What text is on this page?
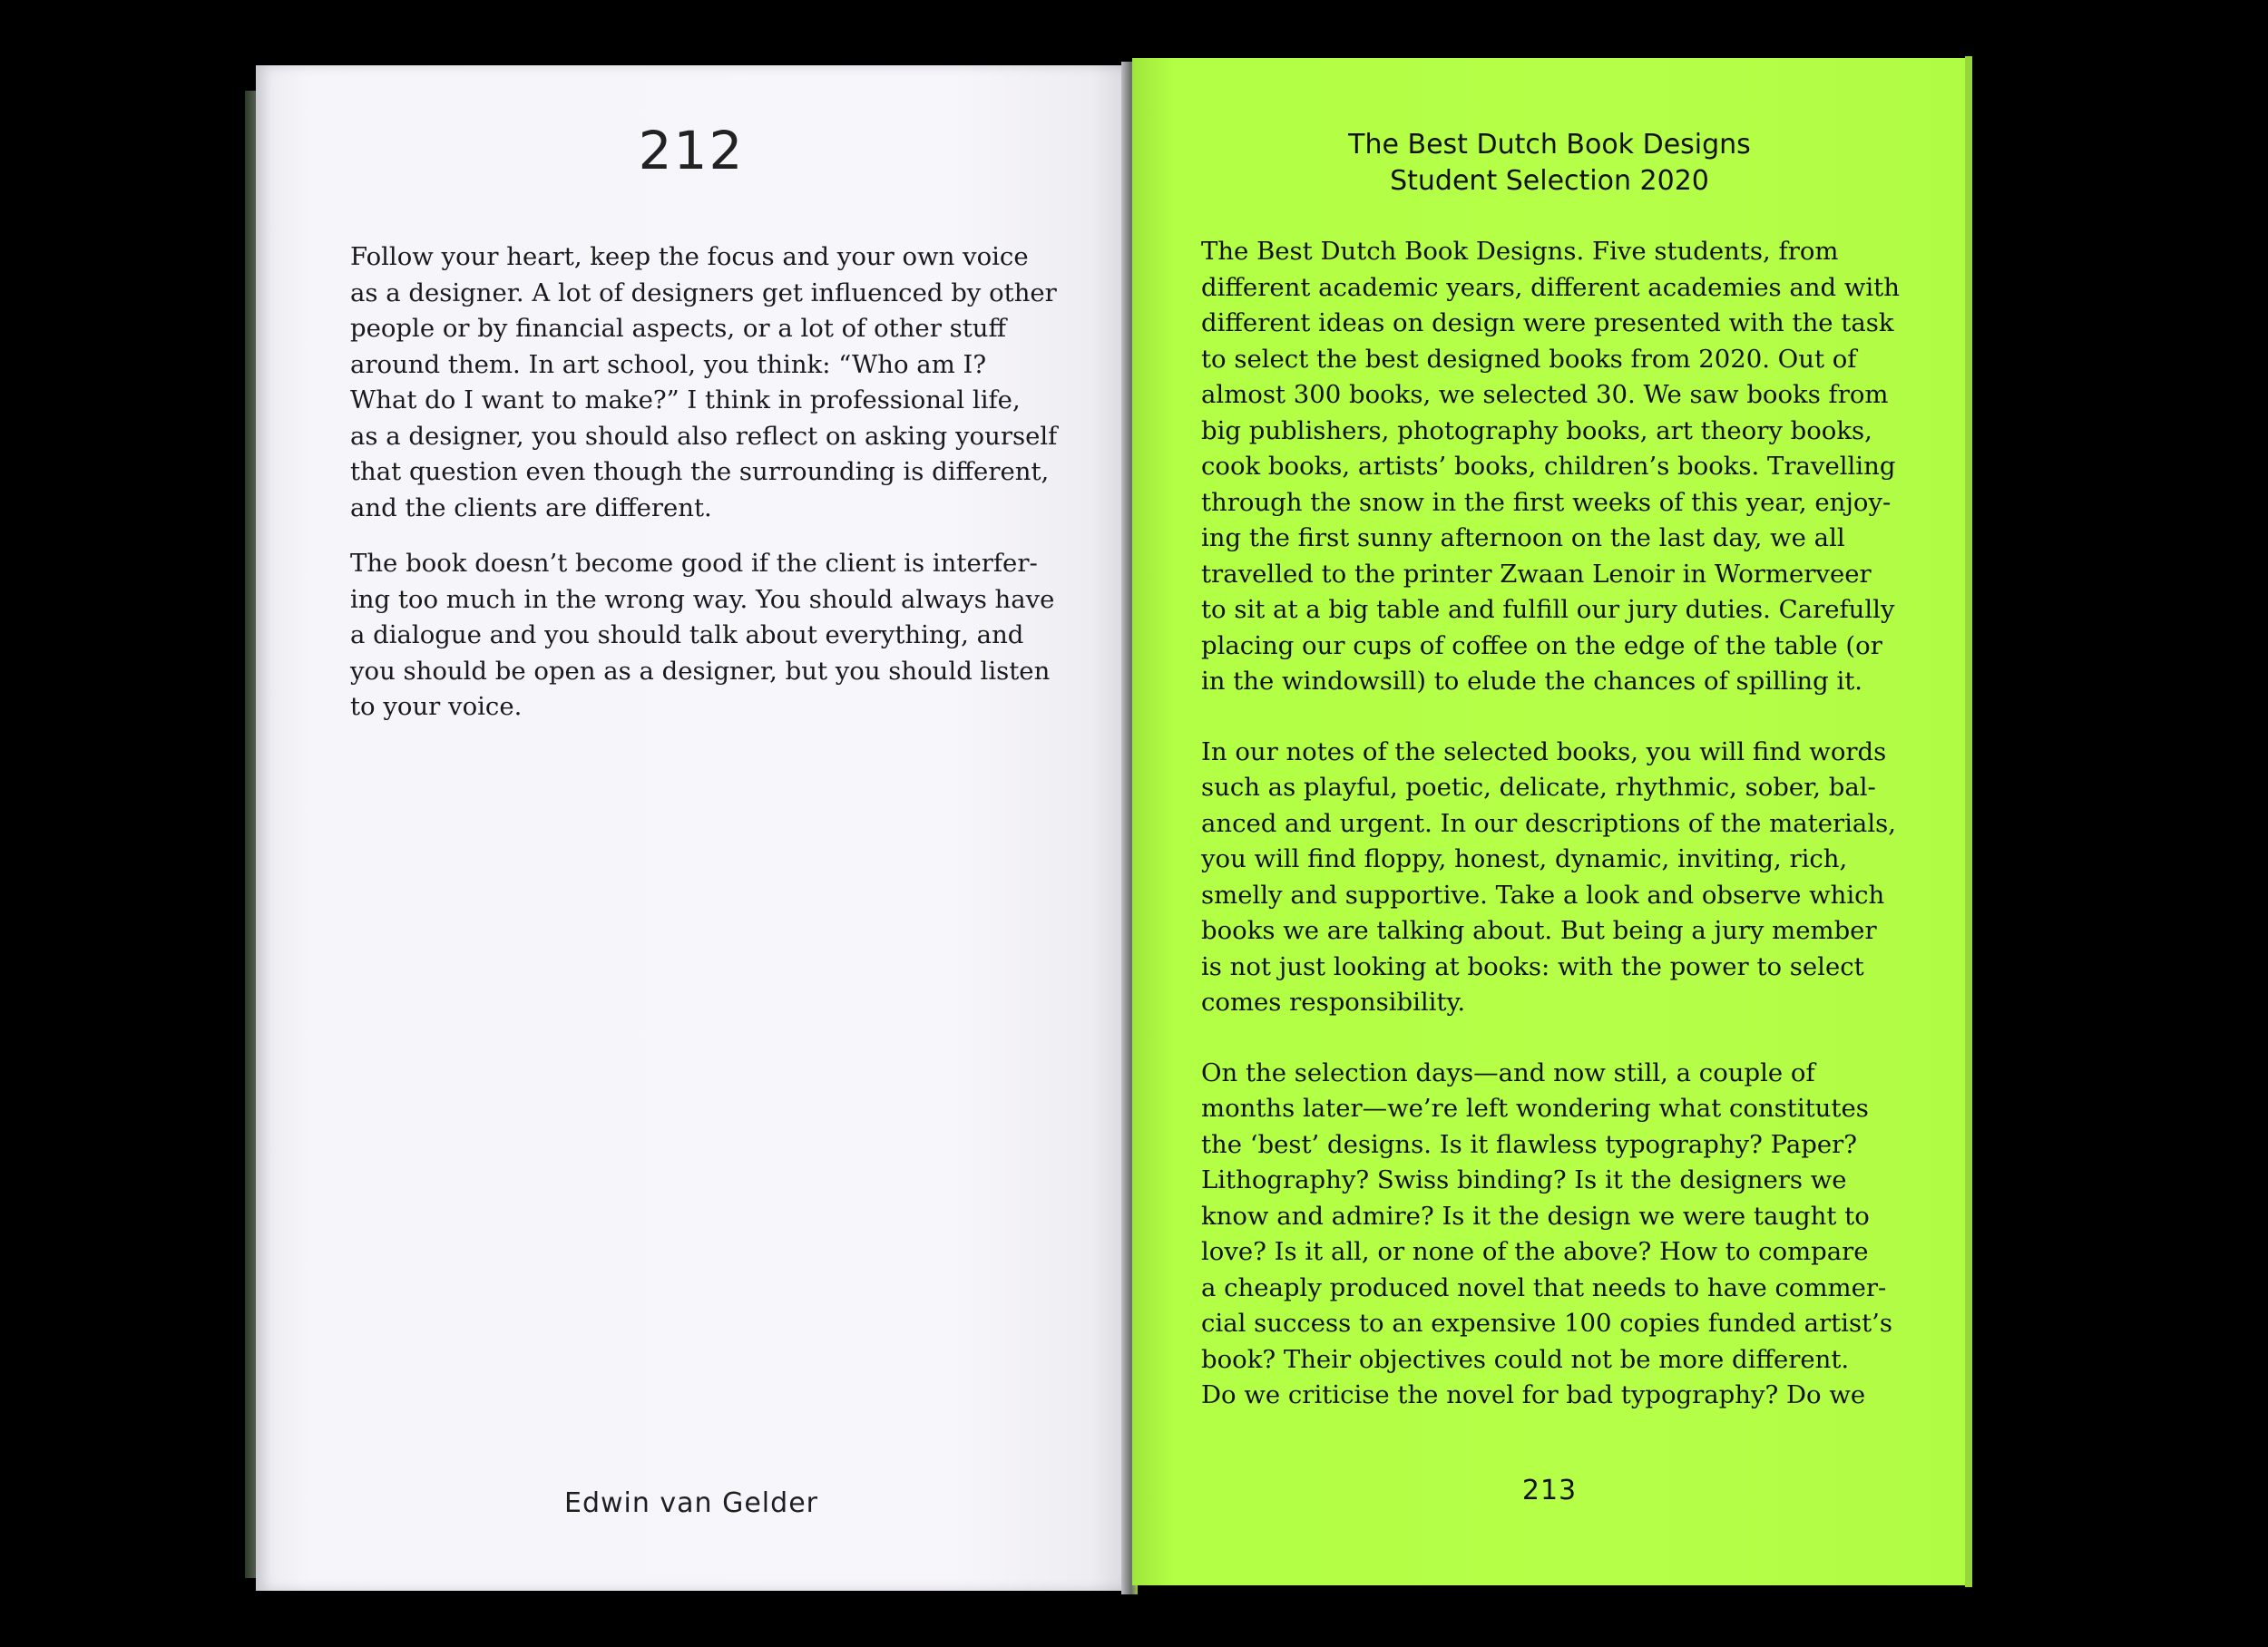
212

Follow your heart, keep the focus and your own voice
as a designer. A lot of designers get influenced by other
people or by financial aspects, or a lot of other stuff
around them. In art school, you think: “Who am I?
What do I want to make?” I think in professional life,
as a designer, you should also reflect on asking yourself
that question even though the surrounding is different,
and the clients are different.

The book doesn’t become good if the client is interfer-
ing too much in the wrong way. You should always have
a dialogue and you should talk about everything, and
you should be open as a designer, but you should listen
to your voice.

Edwin van Gelder
The Best Dutch Book Designs
Student Selection 2020

The Best Dutch Book Designs. Five students, from
different academic years, different academies and with
different ideas on design were presented with the task
to select the best designed books from 2020. Out of
almost 300 books, we selected 30. We saw books from
big publishers, photography books, art theory books,
cook books, artists’ books, children’s books. Travelling
through the snow in the first weeks of this year, enjoy-
ing the first sunny afternoon on the last day, we all
travelled to the printer Zwaan Lenoir in Wormerveer
to sit at a big table and fulfill our jury duties. Carefully
placing our cups of coffee on the edge of the table (or
in the windowsill) to elude the chances of spilling it.

In our notes of the selected books, you will find words
such as playful, poetic, delicate, rhythmic, sober, bal-
anced and urgent. In our descriptions of the materials,
you will find floppy, honest, dynamic, inviting, rich,
smelly and supportive. Take a look and observe which
books we are talking about. But being a jury member
is not just looking at books: with the power to select
comes responsibility.

On the selection days—and now still, a couple of
months later—we’re left wondering what constitutes
the ‘best’ designs. Is it flawless typography? Paper?
Lithography? Swiss binding? Is it the designers we
know and admire? Is it the design we were taught to
love? Is it all, or none of the above? How to compare
a cheaply produced novel that needs to have commer-
cial success to an expensive 100 copies funded artist’s
book? Their objectives could not be more different.
Do we criticise the novel for bad typography? Do we

213
